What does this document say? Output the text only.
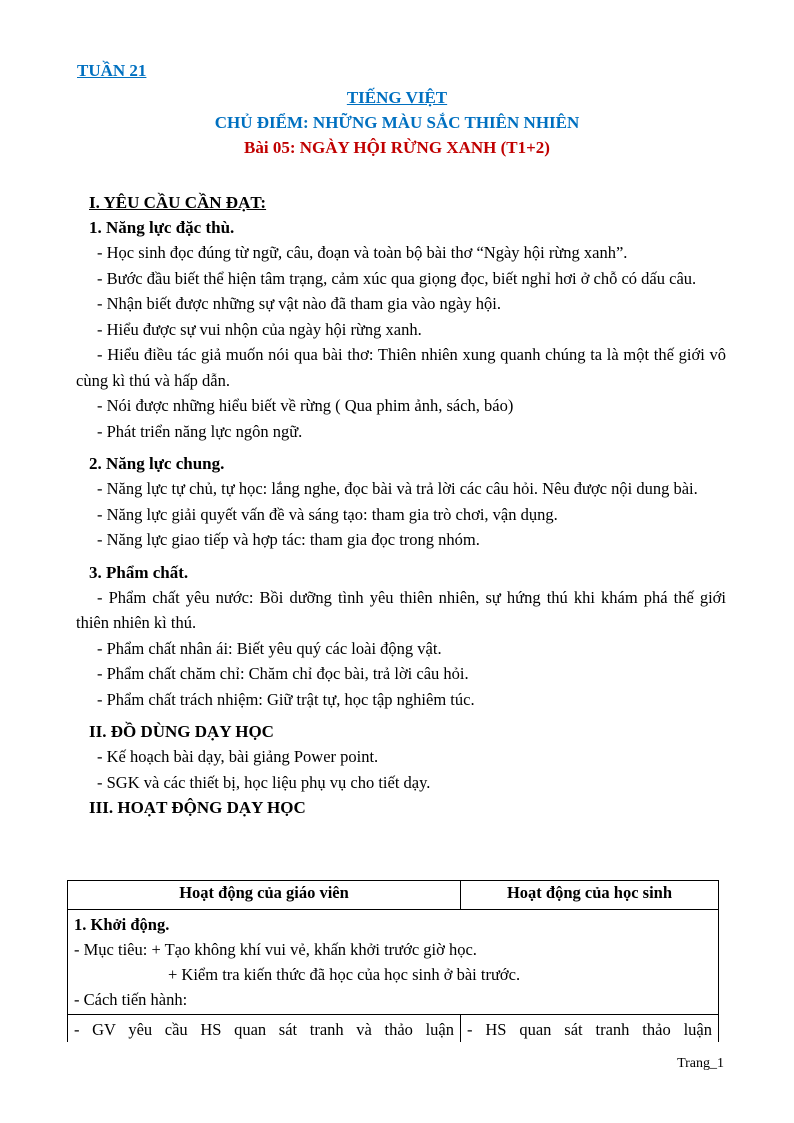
TUẦN 21
TIẾNG VIỆT
CHỦ ĐIỂM: NHỮNG MÀU SẮC THIÊN NHIÊN
Bài 05: NGÀY HỘI RỪNG XANH (T1+2)

I. YÊU CẦU CẦN ĐẠT:

1. Năng lực đặc thù.

- Học sinh đọc đúng từ ngữ, câu, đoạn và toàn bộ bài thơ “Ngày hội rừng xanh”.

- Bước đầu biết thể hiện tâm trạng, cảm xúc qua giọng đọc, biết nghỉ hơi ở chỗ có dấu câu.

- Nhận biết được những sự vật nào đã tham gia vào ngày hội.

- Hiểu được sự vui nhộn của ngày hội rừng xanh.

- Hiểu điều tác giả muốn nói qua bài thơ: Thiên nhiên xung quanh chúng ta là một thế giới vô cùng kì thú và hấp dẫn.

- Nói được những hiểu biết về rừng ( Qua phim ảnh, sách, báo)

- Phát triển năng lực ngôn ngữ.

2. Năng lực chung.

- Năng lực tự chủ, tự học: lắng nghe, đọc bài và trả lời các câu hỏi. Nêu được nội dung bài.

- Năng lực giải quyết vấn đề và sáng tạo: tham gia trò chơi, vận dụng.

- Năng lực giao tiếp và hợp tác: tham gia đọc trong nhóm.

3. Phẩm chất.

- Phẩm chất yêu nước: Bồi dưỡng tình yêu thiên nhiên, sự hứng thú khi khám phá thế giới thiên nhiên kì thú.

- Phẩm chất nhân ái: Biết yêu quý các loài động vật.

- Phẩm chất chăm chỉ: Chăm chỉ đọc bài, trả lời câu hỏi.

- Phẩm chất trách nhiệm: Giữ trật tự, học tập nghiêm túc.

II. ĐỒ DÙNG DẠY HỌC

- Kế hoạch bài dạy, bài giảng Power point.

- SGK và các thiết bị, học liệu phụ vụ cho tiết dạy.

III. HOẠT ĐỘNG DẠY HỌC

Hoạt động của giáo viên	Hoạt động của học sinh

1. Khởi động.

- Mục tiêu: + Tạo không khí vui vẻ, khấn khởi trước giờ học.

+ Kiểm tra kiến thức đã học của học sinh ở bài trước.

- Cách tiến hành:	

- GV yêu cầu HS quan sát tranh và thảo luận	- HS quan sát tranh thảo luận

Trang_1
